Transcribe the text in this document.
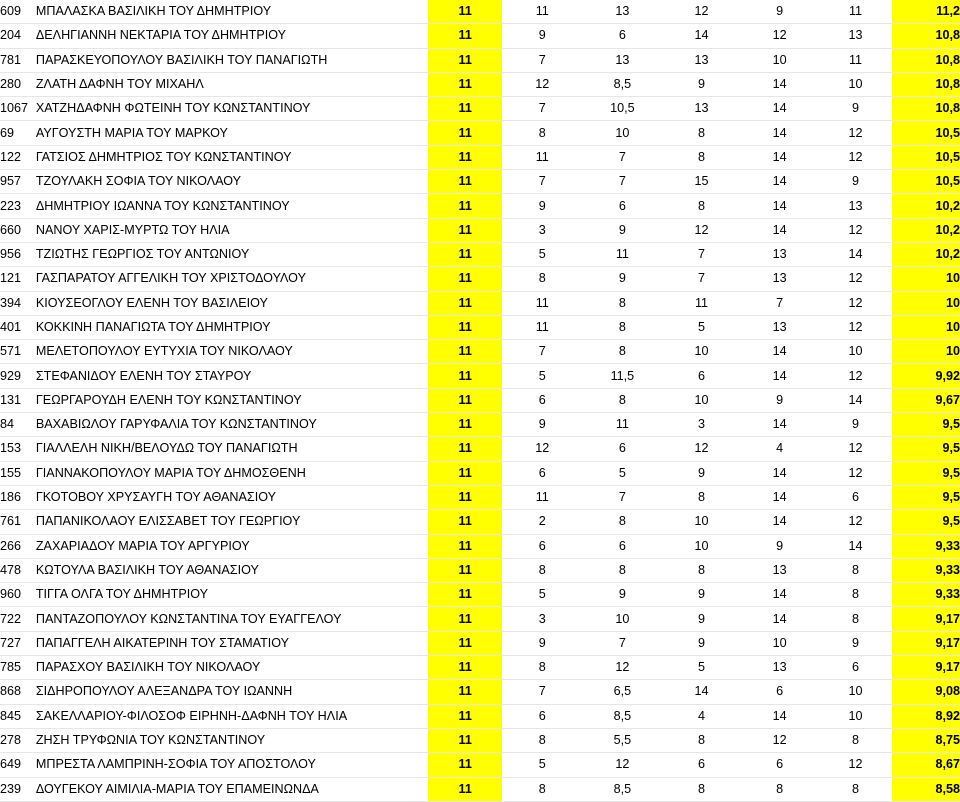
609	ΜΠΑΛΑΣΚΑ ΒΑΣΙΛΙΚΗ ΤΟΥ ΔΗΜΗΤΡΙΟΥ	11	11	13	12	9	11	11,2
204	ΔΕΛΗΓΙΑΝΝΗ ΝΕΚΤΑΡΙΑ ΤΟΥ ΔΗΜΗΤΡΙΟΥ	11	9	6	14	12	13	10,8
781	ΠΑΡΑΣΚΕΥΟΠΟΥΛΟΥ ΒΑΣΙΛΙΚΗ ΤΟΥ ΠΑΝΑΓΙΩΤΗ	11	7	13	13	10	11	10,8
280	ΖΛΑΤΗ ΔΑΦΝΗ ΤΟΥ ΜΙΧΑΗΛ	11	12	8,5	9	14	10	10,8
1067	ΧΑΤΖΗΔΑΦΝΗ ΦΩΤΕΙΝΗ ΤΟΥ ΚΩΝΣΤΑΝΤΙΝΟΥ	11	7	10,5	13	14	9	10,8
69	ΑΥΓΟΥΣΤΗ ΜΑΡΙΑ ΤΟΥ ΜΑΡΚΟΥ	11	8	10	8	14	12	10,5
122	ΓΑΤΣΙΟΣ ΔΗΜΗΤΡΙΟΣ ΤΟΥ ΚΩΝΣΤΑΝΤΙΝΟΥ	11	11	7	8	14	12	10,5
957	ΤΖΟΥΛΑΚΗ ΣΟΦΙΑ ΤΟΥ ΝΙΚΟΛΑΟΥ	11	7	7	15	14	9	10,5
223	ΔΗΜΗΤΡΙΟΥ ΙΩΑΝΝΑ ΤΟΥ ΚΩΝΣΤΑΝΤΙΝΟΥ	11	9	6	8	14	13	10,2
660	ΝΑΝΟΥ ΧΑΡΙΣ-ΜΥΡΤΩ ΤΟΥ ΗΛΙΑ	11	3	9	12	14	12	10,2
956	ΤΖΙΩΤΗΣ ΓΕΩΡΓΙΟΣ ΤΟΥ ΑΝΤΩΝΙΟΥ	11	5	11	7	13	14	10,2
121	ΓΑΣΠΑΡΑΤΟΥ ΑΓΓΕΛΙΚΗ ΤΟΥ ΧΡΙΣΤΟΔΟΥΛΟΥ	11	8	9	7	13	12	10
394	ΚΙΟΥΣΕΟΓΛΟΥ ΕΛΕΝΗ ΤΟΥ ΒΑΣΙΛΕΙΟΥ	11	11	8	11	7	12	10
401	ΚΟΚΚΙΝΗ ΠΑΝΑΓΙΩΤΑ ΤΟΥ ΔΗΜΗΤΡΙΟΥ	11	11	8	5	13	12	10
571	ΜΕΛΕΤΟΠΟΥΛΟΥ ΕΥΤΥΧΙΑ ΤΟΥ ΝΙΚΟΛΑΟΥ	11	7	8	10	14	10	10
929	ΣΤΕΦΑΝΙΔΟΥ ΕΛΕΝΗ ΤΟΥ ΣΤΑΥΡΟΥ	11	5	11,5	6	14	12	9,92
131	ΓΕΩΡΓΑΡΟΥΔΗ ΕΛΕΝΗ ΤΟΥ ΚΩΝΣΤΑΝΤΙΝΟΥ	11	6	8	10	9	14	9,67
84	ΒΑΧΑΒΙΩΛΟΥ ΓΑΡΥΦΑΛΙΑ ΤΟΥ ΚΩΝΣΤΑΝΤΙΝΟΥ	11	9	11	3	14	9	9,5
153	ΓΙΑΛΛΕΛΗ ΝΙΚΗ/ΒΕΛΟΥΔΩ ΤΟΥ ΠΑΝΑΓΙΩΤΗ	11	12	6	12	4	12	9,5
155	ΓΙΑΝΝΑΚΟΠΟΥΛΟΥ ΜΑΡΙΑ ΤΟΥ ΔΗΜΟΣΘΕΝΗ	11	6	5	9	14	12	9,5
186	ΓΚΟΤΟΒΟΥ ΧΡΥΣΑΥΓΗ ΤΟΥ ΑΘΑΝΑΣΙΟΥ	11	11	7	8	14	6	9,5
761	ΠΑΠΑΝΙΚΟΛΑΟΥ ΕΛΙΣΣΑΒΕΤ ΤΟΥ ΓΕΩΡΓΙΟΥ	11	2	8	10	14	12	9,5
266	ΖΑΧΑΡΙΑΔΟΥ ΜΑΡΙΑ ΤΟΥ ΑΡΓΥΡΙΟΥ	11	6	6	10	9	14	9,33
478	ΚΩΤΟΥΛΑ ΒΑΣΙΛΙΚΗ ΤΟΥ ΑΘΑΝΑΣΙΟΥ	11	8	8	8	13	8	9,33
960	ΤΙΓΓΑ ΟΛΓΑ ΤΟΥ ΔΗΜΗΤΡΙΟΥ	11	5	9	9	14	8	9,33
722	ΠΑΝΤΑΖΟΠΟΥΛΟΥ ΚΩΝΣΤΑΝΤΙΝΑ ΤΟΥ ΕΥΑΓΓΕΛΟΥ	11	3	10	9	14	8	9,17
727	ΠΑΠΑΓΓΕΛΗ ΑΙΚΑΤΕΡΙΝΗ ΤΟΥ ΣΤΑΜΑΤΙΟΥ	11	9	7	9	10	9	9,17
785	ΠΑΡΑΣΧΟΥ ΒΑΣΙΛΙΚΗ ΤΟΥ ΝΙΚΟΛΑΟΥ	11	8	12	5	13	6	9,17
868	ΣΙΔΗΡΟΠΟΥΛΟΥ ΑΛΕΞΑΝΔΡΑ ΤΟΥ ΙΩΑΝΝΗ	11	7	6,5	14	6	10	9,08
845	ΣΑΚΕΛΛΑΡΙΟΥ-ΦΙΛΟΣΟΦ ΕΙΡΗΝΗ-ΔΑΦΝΗ ΤΟΥ ΗΛΙΑ	11	6	8,5	4	14	10	8,92
278	ΖΗΣΗ ΤΡΥΦΩΝΙΑ ΤΟΥ ΚΩΝΣΤΑΝΤΙΝΟΥ	11	8	5,5	8	12	8	8,75
649	ΜΠΡΕΣΤΑ ΛΑΜΠΡΙΝΗ-ΣΟΦΙΑ ΤΟΥ ΑΠΟΣΤΟΛΟΥ	11	5	12	6	6	12	8,67
239	ΔΟΥΓΕΚΟΥ ΑΙΜΙΛΙΑ-ΜΑΡΙΑ ΤΟΥ ΕΠΑΜΕΙΝΩΝΔΑ	11	8	8,5	8	8	8	8,58
